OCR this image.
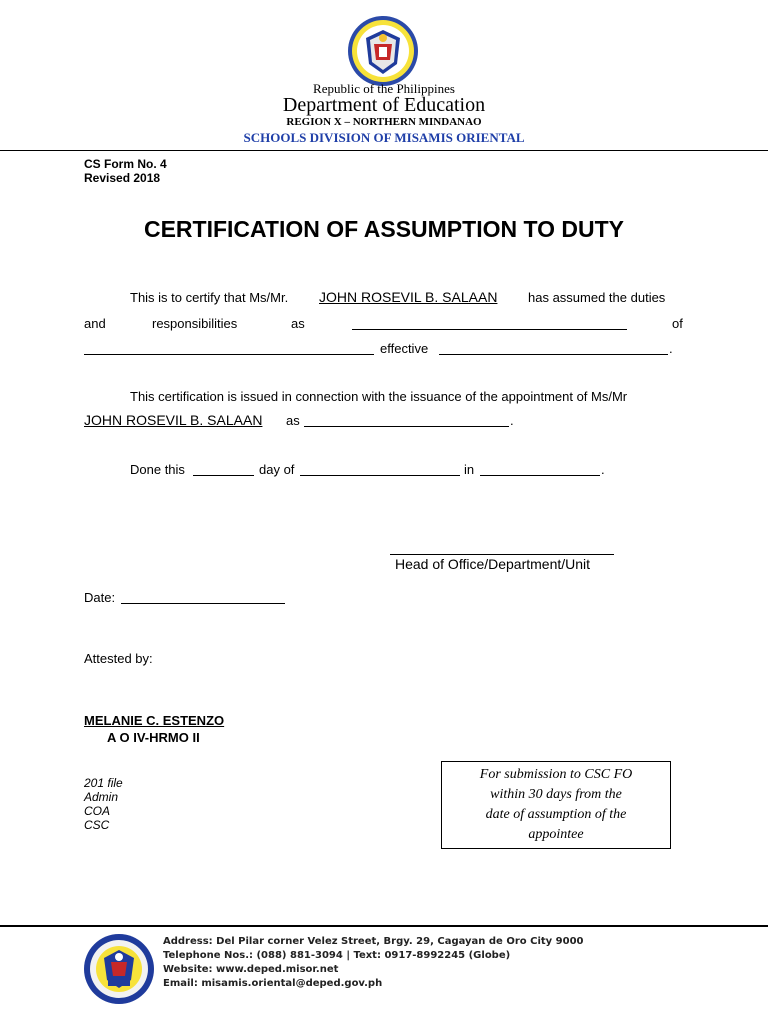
Republic of the Philippines
Department of Education
REGION X – NORTHERN MINDANAO
SCHOOLS DIVISION OF MISAMIS ORIENTAL
CS Form No. 4
Revised 2018
CERTIFICATION OF ASSUMPTION TO DUTY
This is to certify that Ms/Mr. JOHN ROSEVIL B. SALAAN has assumed the duties
and	responsibilities	as	of
effective	.
This certification is issued in connection with the issuance of the appointment of Ms/Mr
JOHN ROSEVIL B. SALAAN as	.
Done this	day of	in	.
Head of Office/Department/Unit
Date:
Attested by:
MELANIE C. ESTENZO
A O IV-HRMO II
201 file
Admin
COA
CSC
For submission to CSC FO
within 30 days from the
date of assumption of the
appointee
Address: Del Pilar corner Velez Street, Brgy. 29, Cagayan de Oro City 9000
Telephone Nos.: (088) 881-3094 | Text: 0917-8992245 (Globe)
Website: www.deped.misor.net
Email: misamis.oriental@deped.gov.ph
